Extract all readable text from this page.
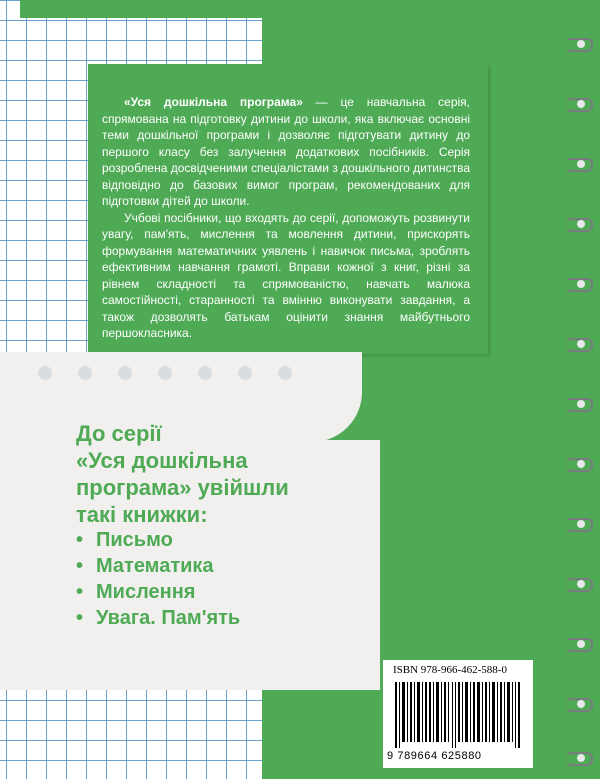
«Уся дошкільна програма» — це навчальна серія, спрямована на підготовку дитини до школи, яка включає основні теми дошкільної програми і дозволяє підготувати дитину до першого класу без залучення додаткових посібників. Серія розроблена досвідченими спеціалістами з дошкільного дитинства відповідно до базових вимог програм, рекомендованих для підготовки дітей до школи.

Учбові посібники, що входять до серії, допоможуть розвинути увагу, пам'ять, мислення та мовлення дитини, прискорять формування математичних уявлень і навичок письма, зроблять ефективним навчання грамоті. Вправи кожної з книг, різні за рівнем складності та спрямованістю, навчать малюка самостійності, старанності та вмінню виконувати завдання, а також дозволять батькам оцінити знання майбутнього першокласника.

До серії
«Уся дошкільна
програма» увійшли
такі книжки:
• Письмо
• Математика
• Мислення
• Увага. Пам'ять
ISBN 978-966-462-588-0
9 789664 625880
